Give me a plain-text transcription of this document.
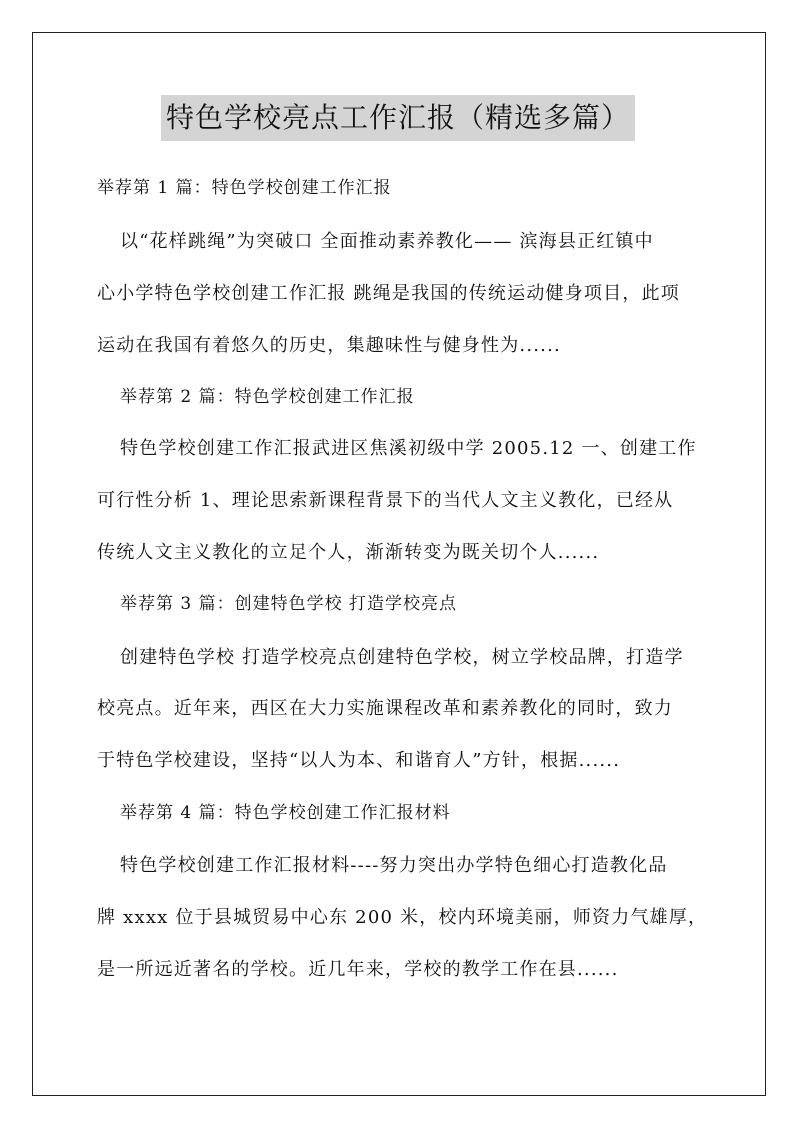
特色学校亮点工作汇报（精选多篇）
举荐第 1 篇：特色学校创建工作汇报
以“花样跳绳”为突破口 全面推动素养教化—— 滨海县正红镇中
心小学特色学校创建工作汇报 跳绳是我国的传统运动健身项目，此项
运动在我国有着悠久的历史，集趣味性与健身性为......
举荐第 2 篇：特色学校创建工作汇报
特色学校创建工作汇报武进区焦溪初级中学 2005.12 一、创建工作
可行性分析 1、理论思索新课程背景下的当代人文主义教化，已经从
传统人文主义教化的立足个人，渐渐转变为既关切个人......
举荐第 3 篇：创建特色学校 打造学校亮点
创建特色学校 打造学校亮点创建特色学校，树立学校品牌，打造学
校亮点。近年来，西区在大力实施课程改革和素养教化的同时，致力
于特色学校建设，坚持“以人为本、和谐育人”方针，根据......
举荐第 4 篇：特色学校创建工作汇报材料
特色学校创建工作汇报材料----努力突出办学特色细心打造教化品
牌 xxxx 位于县城贸易中心东 200 米，校内环境美丽，师资力气雄厚，
是一所远近著名的学校。近几年来，学校的教学工作在县......
